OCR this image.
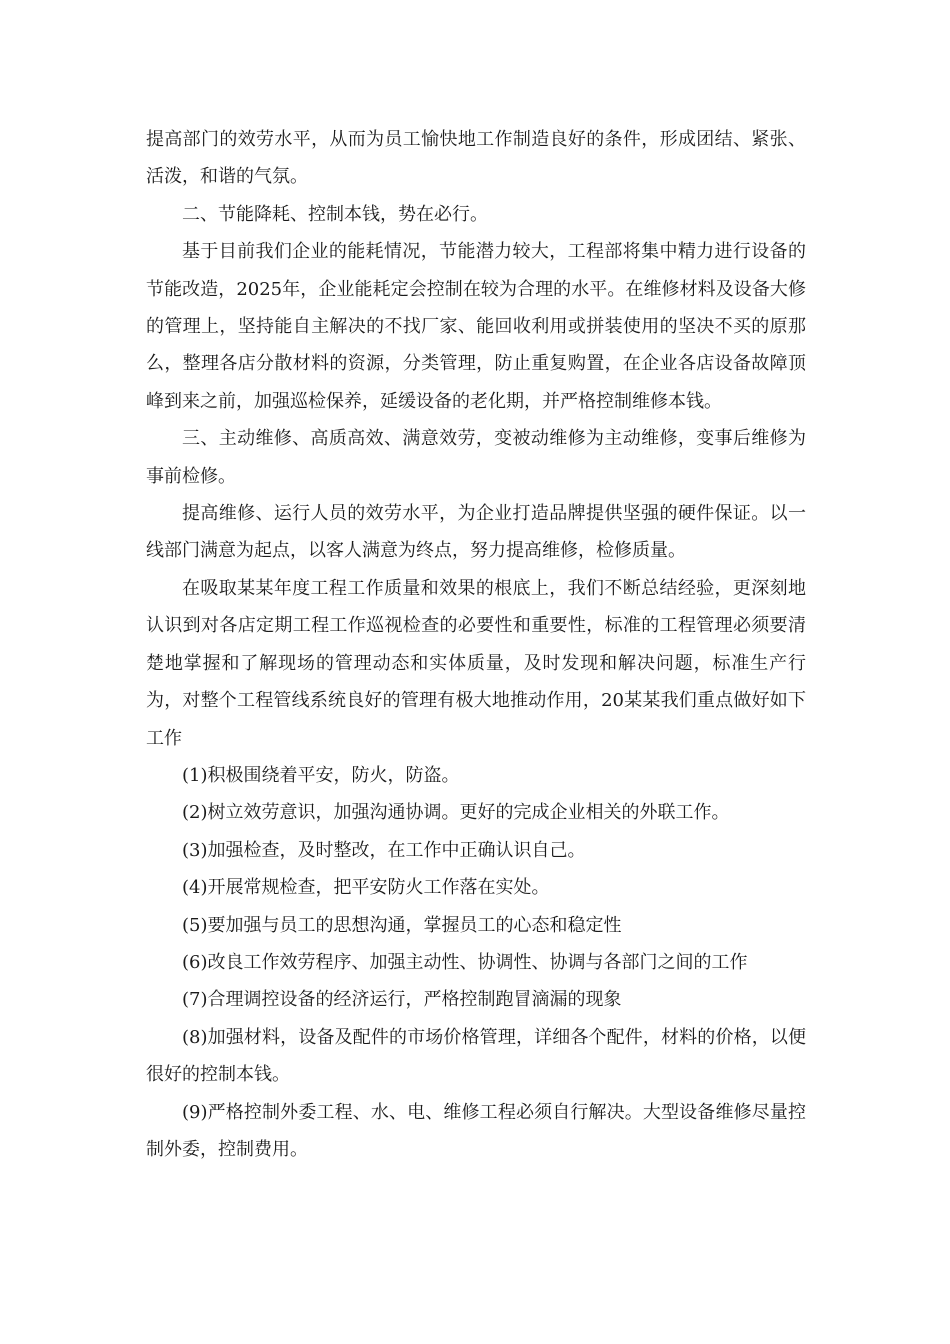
提高部门的效劳水平，从而为员工愉快地工作制造良好的条件，形成团结、紧张、活泼，和谐的气氛。

二、节能降耗、控制本钱，势在必行。

基于目前我们企业的能耗情况，节能潜力较大，工程部将集中精力进行设备的节能改造，2025年，企业能耗定会控制在较为合理的水平。在维修材料及设备大修的管理上，坚持能自主解决的不找厂家、能回收利用或拼装使用的坚决不买的原那么，整理各店分散材料的资源，分类管理，防止重复购置，在企业各店设备故障顶峰到来之前，加强巡检保养，延缓设备的老化期，并严格控制维修本钱。

三、主动维修、高质高效、满意效劳，变被动维修为主动维修，变事后维修为事前检修。

提高维修、运行人员的效劳水平，为企业打造品牌提供坚强的硬件保证。以一线部门满意为起点，以客人满意为终点，努力提高维修，检修质量。

在吸取某某年度工程工作质量和效果的根底上，我们不断总结经验，更深刻地认识到对各店定期工程工作巡视检查的必要性和重要性，标准的工程管理必须要清楚地掌握和了解现场的管理动态和实体质量，及时发现和解决问题，标准生产行为，对整个工程管线系统良好的管理有极大地推动作用，20某某我们重点做好如下工作

(1)积极围绕着平安，防火，防盗。

(2)树立效劳意识，加强沟通协调。更好的完成企业相关的外联工作。

(3)加强检查，及时整改，在工作中正确认识自己。

(4)开展常规检查，把平安防火工作落在实处。

(5)要加强与员工的思想沟通，掌握员工的心态和稳定性

(6)改良工作效劳程序、加强主动性、协调性、协调与各部门之间的工作

(7)合理调控设备的经济运行，严格控制跑冒滴漏的现象

(8)加强材料，设备及配件的市场价格管理，详细各个配件，材料的价格，以便很好的控制本钱。

(9)严格控制外委工程、水、电、维修工程必须自行解决。大型设备维修尽量控制外委，控制费用。
